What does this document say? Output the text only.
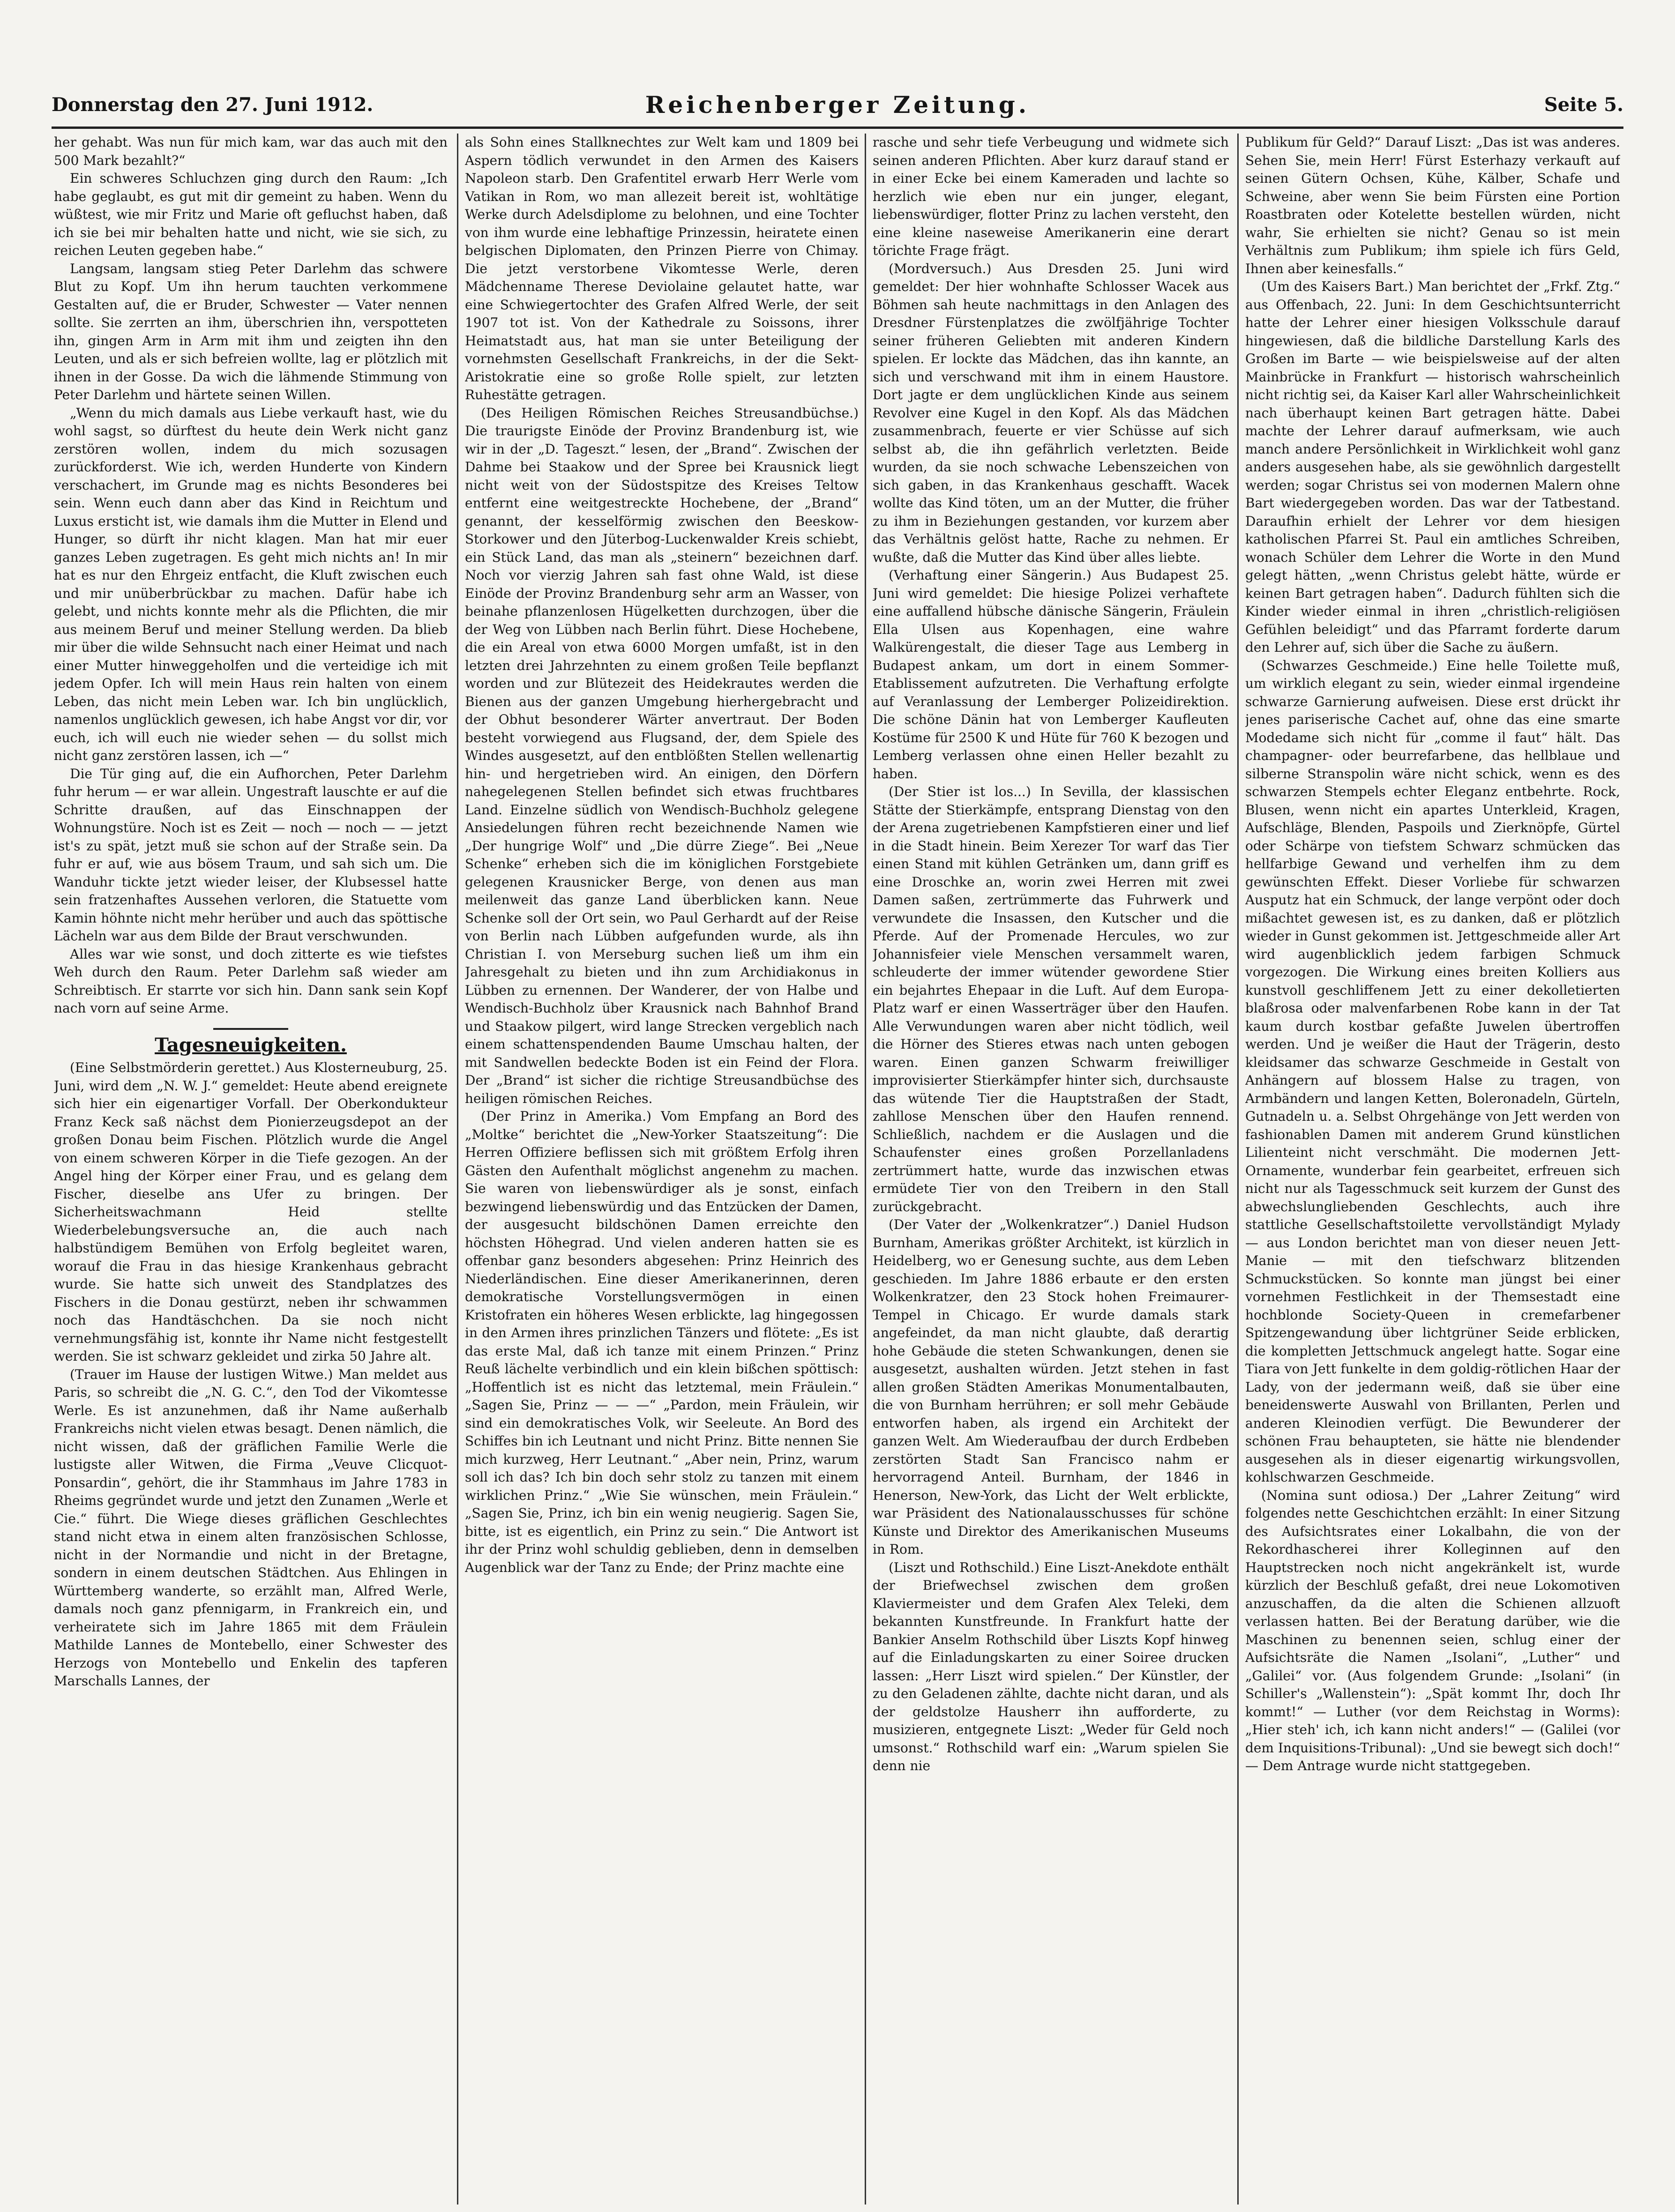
Donnerstag den 27. Juni 1912.	Reichenberger Zeitung.	Seite 5.

her gehabt. Was nun für mich kam, war das auch mit den 500 Mark bezahlt?“

Ein schweres Schluchzen ging durch den Raum: „Ich habe geglaubt, es gut mit dir gemeint zu haben. Wenn du wüßtest, wie mir Fritz und Marie oft gefluchst haben, daß ich sie bei mir behalten hatte und nicht, wie sie sich, zu reichen Leuten gegeben habe.“

Langsam, langsam stieg Peter Darlehm das schwere Blut zu Kopf. Um ihn herum tauchten verkommene Gestalten auf, die er Bruder, Schwester — Vater nennen sollte. Sie zerrten an ihm, überschrien ihn, verspotteten ihn, gingen Arm in Arm mit ihm und zeigten ihn den Leuten, und als er sich befreien wollte, lag er plötzlich mit ihnen in der Gosse. Da wich die lähmende Stimmung von Peter Darlehm und härtete seinen Willen.

„Wenn du mich damals aus Liebe verkauft hast, wie du wohl sagst, so dürftest du heute dein Werk nicht ganz zerstören wollen, indem du mich sozusagen zurückforderst. Wie ich, werden Hunderte von Kindern verschachert, im Grunde mag es nichts Besonderes bei sein. Wenn euch dann aber das Kind in Reichtum und Luxus ersticht ist, wie damals ihm die Mutter in Elend und Hunger, so dürft ihr nicht klagen. Man hat mir euer ganzes Leben zugetragen. Es geht mich nichts an! In mir hat es nur den Ehrgeiz entfacht, die Kluft zwischen euch und mir unüberbrückbar zu machen. Dafür habe ich gelebt, und nichts konnte mehr als die Pflichten, die mir aus meinem Beruf und meiner Stellung werden. Da blieb mir über die wilde Sehnsucht nach einer Heimat und nach einer Mutter hinweggeholfen und die verteidige ich mit jedem Opfer. Ich will mein Haus rein halten von einem Leben, das nicht mein Leben war. Ich bin unglücklich, namenlos unglücklich gewesen, ich habe Angst vor dir, vor euch, ich will euch nie wieder sehen — du sollst mich nicht ganz zerstören lassen, ich —“

Die Tür ging auf, die ein Aufhorchen, Peter Darlehm fuhr herum — er war allein. Ungestraft lauschte er auf die Schritte draußen, auf das Einschnappen der Wohnungstüre. Noch ist es Zeit — noch — noch — — jetzt ist's zu spät, jetzt muß sie schon auf der Straße sein. Da fuhr er auf, wie aus bösem Traum, und sah sich um. Die Wanduhr tickte jetzt wieder leiser, der Klubsessel hatte sein fratzenhaftes Aussehen verloren, die Statuette vom Kamin höhnte nicht mehr herüber und auch das spöttische Lächeln war aus dem Bilde der Braut verschwunden.

Alles war wie sonst, und doch zitterte es wie tiefstes Weh durch den Raum. Peter Darlehm saß wieder am Schreibtisch. Er starrte vor sich hin. Dann sank sein Kopf nach vorn auf seine Arme.

Tagesneuigkeiten.

(Eine Selbstmörderin gerettet.) Aus Klosterneuburg, 25. Juni, wird dem „N. W. J.“ gemeldet: Heute abend ereignete sich hier ein eigenartiger Vorfall. Der Oberkondukteur Franz Keck saß nächst dem Pionierzeugsdepot an der großen Donau beim Fischen. Plötzlich wurde die Angel von einem schweren Körper in die Tiefe gezogen. An der Angel hing der Körper einer Frau, und es gelang dem Fischer, dieselbe ans Ufer zu bringen. Der Sicherheitswachmann Heid stellte Wiederbelebungsversuche an, die auch nach halbstündigem Bemühen von Erfolg begleitet waren, worauf die Frau in das hiesige Krankenhaus gebracht wurde. Sie hatte sich unweit des Standplatzes des Fischers in die Donau gestürzt, neben ihr schwammen noch das Handtäschchen. Da sie noch nicht vernehmungsfähig ist, konnte ihr Name nicht festgestellt werden. Sie ist schwarz gekleidet und zirka 50 Jahre alt.

(Trauer im Hause der lustigen Witwe.) Man meldet aus Paris, so schreibt die „N. G. C.“, den Tod der Vikomtesse Werle. Es ist anzunehmen, daß ihr Name außerhalb Frankreichs nicht vielen etwas besagt. Denen nämlich, die nicht wissen, daß der gräflichen Familie Werle die lustigste aller Witwen, die Firma „Veuve Clicquot-Ponsardin“, gehört, die ihr Stammhaus im Jahre 1783 in Rheims gegründet wurde und jetzt den Zunamen „Werle et Cie.“ führt. Die Wiege dieses gräflichen Geschlechtes stand nicht etwa in einem alten französischen Schlosse, nicht in der Normandie und nicht in der Bretagne, sondern in einem deutschen Städtchen. Aus Ehlingen in Württemberg wanderte, so erzählt man, Alfred Werle, damals noch ganz pfennigarm, in Frankreich ein, und verheiratete sich im Jahre 1865 mit dem Fräulein Mathilde Lannes de Montebello, einer Schwester des Herzogs von Montebello und Enkelin des tapferen Marschalls Lannes, der

als Sohn eines Stallknechtes zur Welt kam und 1809 bei Aspern tödlich verwundet in den Armen des Kaisers Napoleon starb. Den Grafentitel erwarb Herr Werle vom Vatikan in Rom, wo man allezeit bereit ist, wohltätige Werke durch Adelsdiplome zu belohnen, und eine Tochter von ihm wurde eine lebhaftige Prinzessin, heiratete einen belgischen Diplomaten, den Prinzen Pierre von Chimay. Die jetzt verstorbene Vikomtesse Werle, deren Mädchenname Therese Deviolaine gelautet hatte, war eine Schwiegertochter des Grafen Alfred Werle, der seit 1907 tot ist. Von der Kathedrale zu Soissons, ihrer Heimatstadt aus, hat man sie unter Beteiligung der vornehmsten Gesellschaft Frankreichs, in der die Sekt-Aristokratie eine so große Rolle spielt, zur letzten Ruhestätte getragen.

(Des Heiligen Römischen Reiches Streusandbüchse.) Die traurigste Einöde der Provinz Brandenburg ist, wie wir in der „D. Tageszt.“ lesen, der „Brand“. Zwischen der Dahme bei Staakow und der Spree bei Krausnick liegt nicht weit von der Südostspitze des Kreises Teltow entfernt eine weitgestreckte Hochebene, der „Brand“ genannt, der kesselförmig zwischen den Beeskow-Storkower und den Jüterbog-Luckenwalder Kreis schiebt, ein Stück Land, das man als „steinern“ bezeichnen darf. Noch vor vierzig Jahren sah fast ohne Wald, ist diese Einöde der Provinz Brandenburg sehr arm an Wasser, von beinahe pflanzenlosen Hügelketten durchzogen, über die der Weg von Lübben nach Berlin führt. Diese Hochebene, die ein Areal von etwa 6000 Morgen umfaßt, ist in den letzten drei Jahrzehnten zu einem großen Teile bepflanzt worden und zur Blütezeit des Heidekrautes werden die Bienen aus der ganzen Umgebung hierhergebracht und der Obhut besonderer Wärter anvertraut. Der Boden besteht vorwiegend aus Flugsand, der, dem Spiele des Windes ausgesetzt, auf den entblößten Stellen wellenartig hin- und hergetrieben wird. An einigen, den Dörfern nahegelegenen Stellen befindet sich etwas fruchtbares Land. Einzelne südlich von Wendisch-Buchholz gelegene Ansiedelungen führen recht bezeichnende Namen wie „Der hungrige Wolf“ und „Die dürre Ziege“. Bei „Neue Schenke“ erheben sich die im königlichen Forstgebiete gelegenen Krausnicker Berge, von denen aus man meilenweit das ganze Land überblicken kann. Neue Schenke soll der Ort sein, wo Paul Gerhardt auf der Reise von Berlin nach Lübben aufgefunden wurde, als ihn Christian I. von Merseburg suchen ließ um ihm ein Jahresgehalt zu bieten und ihn zum Archidiakonus in Lübben zu ernennen. Der Wanderer, der von Halbe und Wendisch-Buchholz über Krausnick nach Bahnhof Brand und Staakow pilgert, wird lange Strecken vergeblich nach einem schattenspendenden Baume Umschau halten, der mit Sandwellen bedeckte Boden ist ein Feind der Flora. Der „Brand“ ist sicher die richtige Streusandbüchse des heiligen römischen Reiches.

(Der Prinz in Amerika.) Vom Empfang an Bord des „Moltke“ berichtet die „New-Yorker Staatszeitung“: Die Herren Offiziere beflissen sich mit größtem Erfolg ihren Gästen den Aufenthalt möglichst angenehm zu machen. Sie waren von liebenswürdiger als je sonst, einfach bezwingend liebenswürdig und das Entzücken der Damen, der ausgesucht bildschönen Damen erreichte den höchsten Höhegrad. Und vielen anderen hatten sie es offenbar ganz besonders abgesehen: Prinz Heinrich des Niederländischen. Eine dieser Amerikanerinnen, deren demokratische Vorstellungsvermögen in einen Kristofraten ein höheres Wesen erblickte, lag hingegossen in den Armen ihres prinzlichen Tänzers und flötete: „Es ist das erste Mal, daß ich tanze mit einem Prinzen.“ Prinz Reuß lächelte verbindlich und ein klein bißchen spöttisch: „Hoffentlich ist es nicht das letztemal, mein Fräulein.“ „Sagen Sie, Prinz — — —“ „Pardon, mein Fräulein, wir sind ein demokratisches Volk, wir Seeleute. An Bord des Schiffes bin ich Leutnant und nicht Prinz. Bitte nennen Sie mich kurzweg, Herr Leutnant.“ „Aber nein, Prinz, warum soll ich das? Ich bin doch sehr stolz zu tanzen mit einem wirklichen Prinz.“ „Wie Sie wünschen, mein Fräulein.“ „Sagen Sie, Prinz, ich bin ein wenig neugierig. Sagen Sie, bitte, ist es eigentlich, ein Prinz zu sein.“ Die Antwort ist ihr der Prinz wohl schuldig geblieben, denn in demselben Augenblick war der Tanz zu Ende; der Prinz machte eine

rasche und sehr tiefe Verbeugung und widmete sich seinen anderen Pflichten. Aber kurz darauf stand er in einer Ecke bei einem Kameraden und lachte so herzlich wie eben nur ein junger, elegant, liebenswürdiger, flotter Prinz zu lachen versteht, den eine kleine naseweise Amerikanerin eine derart törichte Frage frägt.

(Mordversuch.) Aus Dresden 25. Juni wird gemeldet: Der hier wohnhafte Schlosser Wacek aus Böhmen sah heute nachmittags in den Anlagen des Dresdner Fürstenplatzes die zwölfjährige Tochter seiner früheren Geliebten mit anderen Kindern spielen. Er lockte das Mädchen, das ihn kannte, an sich und verschwand mit ihm in einem Haustore. Dort jagte er dem unglücklichen Kinde aus seinem Revolver eine Kugel in den Kopf. Als das Mädchen zusammenbrach, feuerte er vier Schüsse auf sich selbst ab, die ihn gefährlich verletzten. Beide wurden, da sie noch schwache Lebenszeichen von sich gaben, in das Krankenhaus geschafft. Wacek wollte das Kind töten, um an der Mutter, die früher zu ihm in Beziehungen gestanden, vor kurzem aber das Verhältnis gelöst hatte, Rache zu nehmen. Er wußte, daß die Mutter das Kind über alles liebte.

(Verhaftung einer Sängerin.) Aus Budapest 25. Juni wird gemeldet: Die hiesige Polizei verhaftete eine auffallend hübsche dänische Sängerin, Fräulein Ella Ulsen aus Kopenhagen, eine wahre Walkürengestalt, die dieser Tage aus Lemberg in Budapest ankam, um dort in einem Sommer-Etablissement aufzutreten. Die Verhaftung erfolgte auf Veranlassung der Lemberger Polizeidirektion. Die schöne Dänin hat von Lemberger Kaufleuten Kostüme für 2500 K und Hüte für 760 K bezogen und Lemberg verlassen ohne einen Heller bezahlt zu haben.

(Der Stier ist los...) In Sevilla, der klassischen Stätte der Stierkämpfe, entsprang Dienstag von den der Arena zugetriebenen Kampfstieren einer und lief in die Stadt hinein. Beim Xerezer Tor warf das Tier einen Stand mit kühlen Getränken um, dann griff es eine Droschke an, worin zwei Herren mit zwei Damen saßen, zertrümmerte das Fuhrwerk und verwundete die Insassen, den Kutscher und die Pferde. Auf der Promenade Hercules, wo zur Johannisfeier viele Menschen versammelt waren, schleuderte der immer wütender gewordene Stier ein bejahrtes Ehepaar in die Luft. Auf dem Europa-Platz warf er einen Wasserträger über den Haufen. Alle Verwundungen waren aber nicht tödlich, weil die Hörner des Stieres etwas nach unten gebogen waren. Einen ganzen Schwarm freiwilliger improvisierter Stierkämpfer hinter sich, durchsauste das wütende Tier die Hauptstraßen der Stadt, zahllose Menschen über den Haufen rennend. Schließlich, nachdem er die Auslagen und die Schaufenster eines großen Porzellanladens zertrümmert hatte, wurde das inzwischen etwas ermüdete Tier von den Treibern in den Stall zurückgebracht.

(Der Vater der „Wolkenkratzer“.) Daniel Hudson Burnham, Amerikas größter Architekt, ist kürzlich in Heidelberg, wo er Genesung suchte, aus dem Leben geschieden. Im Jahre 1886 erbaute er den ersten Wolkenkratzer, den 23 Stock hohen Freimaurer-Tempel in Chicago. Er wurde damals stark angefeindet, da man nicht glaubte, daß derartig hohe Gebäude die steten Schwankungen, denen sie ausgesetzt, aushalten würden. Jetzt stehen in fast allen großen Städten Amerikas Monumentalbauten, die von Burnham herrühren; er soll mehr Gebäude entworfen haben, als irgend ein Architekt der ganzen Welt. Am Wiederaufbau der durch Erdbeben zerstörten Stadt San Francisco nahm er hervorragend Anteil. Burnham, der 1846 in Henerson, New-York, das Licht der Welt erblickte, war Präsident des Nationalausschusses für schöne Künste und Direktor des Amerikanischen Museums in Rom.

(Liszt und Rothschild.) Eine Liszt-Anekdote enthält der Briefwechsel zwischen dem großen Klaviermeister und dem Grafen Alex Teleki, dem bekannten Kunstfreunde. In Frankfurt hatte der Bankier Anselm Rothschild über Liszts Kopf hinweg auf die Einladungskarten zu einer Soiree drucken lassen: „Herr Liszt wird spielen.“ Der Künstler, der zu den Geladenen zählte, dachte nicht daran, und als der geldstolze Hausherr ihn aufforderte, zu musizieren, entgegnete Liszt: „Weder für Geld noch umsonst.“ Rothschild warf ein: „Warum spielen Sie denn nie

Publikum für Geld?“ Darauf Liszt: „Das ist was anderes. Sehen Sie, mein Herr! Fürst Esterhazy verkauft auf seinen Gütern Ochsen, Kühe, Kälber, Schafe und Schweine, aber wenn Sie beim Fürsten eine Portion Roastbraten oder Kotelette bestellen würden, nicht wahr, Sie erhielten sie nicht? Genau so ist mein Verhältnis zum Publikum; ihm spiele ich fürs Geld, Ihnen aber keinesfalls.“

(Um des Kaisers Bart.) Man berichtet der „Frkf. Ztg.“ aus Offenbach, 22. Juni: In dem Geschichtsunterricht hatte der Lehrer einer hiesigen Volksschule darauf hingewiesen, daß die bildliche Darstellung Karls des Großen im Barte — wie beispielsweise auf der alten Mainbrücke in Frankfurt — historisch wahrscheinlich nicht richtig sei, da Kaiser Karl aller Wahrscheinlichkeit nach überhaupt keinen Bart getragen hätte. Dabei machte der Lehrer darauf aufmerksam, wie auch manch andere Persönlichkeit in Wirklichkeit wohl ganz anders ausgesehen habe, als sie gewöhnlich dargestellt werden; sogar Christus sei von modernen Malern ohne Bart wiedergegeben worden. Das war der Tatbestand. Daraufhin erhielt der Lehrer vor dem hiesigen katholischen Pfarrei St. Paul ein amtliches Schreiben, wonach Schüler dem Lehrer die Worte in den Mund gelegt hätten, „wenn Christus gelebt hätte, würde er keinen Bart getragen haben“. Dadurch fühlten sich die Kinder wieder einmal in ihren „christlich-religiösen Gefühlen beleidigt“ und das Pfarramt forderte darum den Lehrer auf, sich über die Sache zu äußern.

(Schwarzes Geschmeide.) Eine helle Toilette muß, um wirklich elegant zu sein, wieder einmal irgendeine schwarze Garnierung aufweisen. Diese erst drückt ihr jenes pariserische Cachet auf, ohne das eine smarte Modedame sich nicht für „comme il faut“ hält. Das champagner- oder beurrefarbene, das hellblaue und silberne Stranspolin wäre nicht schick, wenn es des schwarzen Stempels echter Eleganz entbehrte. Rock, Blusen, wenn nicht ein apartes Unterkleid, Kragen, Aufschläge, Blenden, Paspoils und Zierknöpfe, Gürtel oder Schärpe von tiefstem Schwarz schmücken das hellfarbige Gewand und verhelfen ihm zu dem gewünschten Effekt. Dieser Vorliebe für schwarzen Ausputz hat ein Schmuck, der lange verpönt oder doch mißachtet gewesen ist, es zu danken, daß er plötzlich wieder in Gunst gekommen ist. Jettgeschmeide aller Art wird augenblicklich jedem farbigen Schmuck vorgezogen. Die Wirkung eines breiten Kolliers aus kunstvoll geschliffenem Jett zu einer dekolletierten blaßrosa oder malvenfarbenen Robe kann in der Tat kaum durch kostbar gefaßte Juwelen übertroffen werden. Und je weißer die Haut der Trägerin, desto kleidsamer das schwarze Geschmeide in Gestalt von Anhängern auf blossem Halse zu tragen, von Armbändern und langen Ketten, Boleronadeln, Gürteln, Gutnadeln u. a. Selbst Ohrgehänge von Jett werden von fashionablen Damen mit anderem Grund künstlichen Lilienteint nicht verschmäht. Die modernen Jett-Ornamente, wunderbar fein gearbeitet, erfreuen sich nicht nur als Tagesschmuck seit kurzem der Gunst des abwechslungliebenden Geschlechts, auch ihre stattliche Gesellschaftstoilette vervollständigt Mylady — aus London berichtet man von dieser neuen Jett-Manie — mit den tiefschwarz blitzenden Schmuckstücken. So konnte man jüngst bei einer vornehmen Festlichkeit in der Themsestadt eine hochblonde Society-Queen in cremefarbener Spitzengewandung über lichtgrüner Seide erblicken, die kompletten Jettschmuck angelegt hatte. Sogar eine Tiara von Jett funkelte in dem goldig-rötlichen Haar der Lady, von der jedermann weiß, daß sie über eine beneidenswerte Auswahl von Brillanten, Perlen und anderen Kleinodien verfügt. Die Bewunderer der schönen Frau behaupteten, sie hätte nie blendender ausgesehen als in dieser eigenartig wirkungsvollen, kohlschwarzen Geschmeide.

(Nomina sunt odiosa.) Der „Lahrer Zeitung“ wird folgendes nette Geschichtchen erzählt: In einer Sitzung des Aufsichtsrates einer Lokalbahn, die von der Rekordhascherei ihrer Kolleginnen auf den Hauptstrecken noch nicht angekränkelt ist, wurde kürzlich der Beschluß gefaßt, drei neue Lokomotiven anzuschaffen, da die alten die Schienen allzuoft verlassen hatten. Bei der Beratung darüber, wie die Maschinen zu benennen seien, schlug einer der Aufsichtsräte die Namen „Isolani“, „Luther“ und „Galilei“ vor. (Aus folgendem Grunde: „Isolani“ (in Schiller's „Wallenstein“): „Spät kommt Ihr, doch Ihr kommt!“ — Luther (vor dem Reichstag in Worms): „Hier steh' ich, ich kann nicht anders!“ — (Galilei (vor dem Inquisitions-Tribunal): „Und sie bewegt sich doch!“ — Dem Antrage wurde nicht stattgegeben.
